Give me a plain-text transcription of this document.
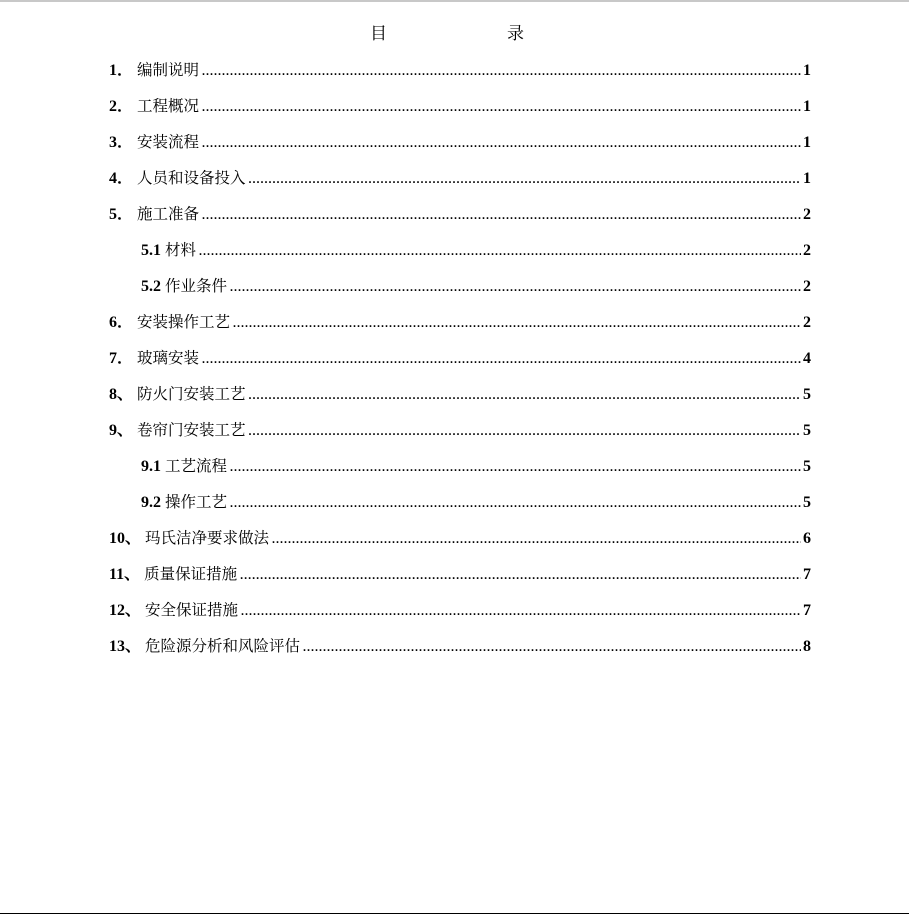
目	录
1． 编制说明 .....	1
2． 工程概况 .....	1
3． 安装流程 .....	1
4． 人员和设备投入 .....	1
5． 施工准备 .....	2
5.1 材料 .....	2
5.2 作业条件 .....	2
6． 安装操作工艺 .....	2
7． 玻璃安装 .....	4
8、 防火门安装工艺 .....	5
9、 卷帘门安装工艺 .....	5
9.1 工艺流程 .....	5
9.2 操作工艺 .....	5
10、 玛氏洁净要求做法 .....	6
11、 质量保证措施 .....	7
12、 安全保证措施 .....	7
13、 危险源分析和风险评估 .....	8
